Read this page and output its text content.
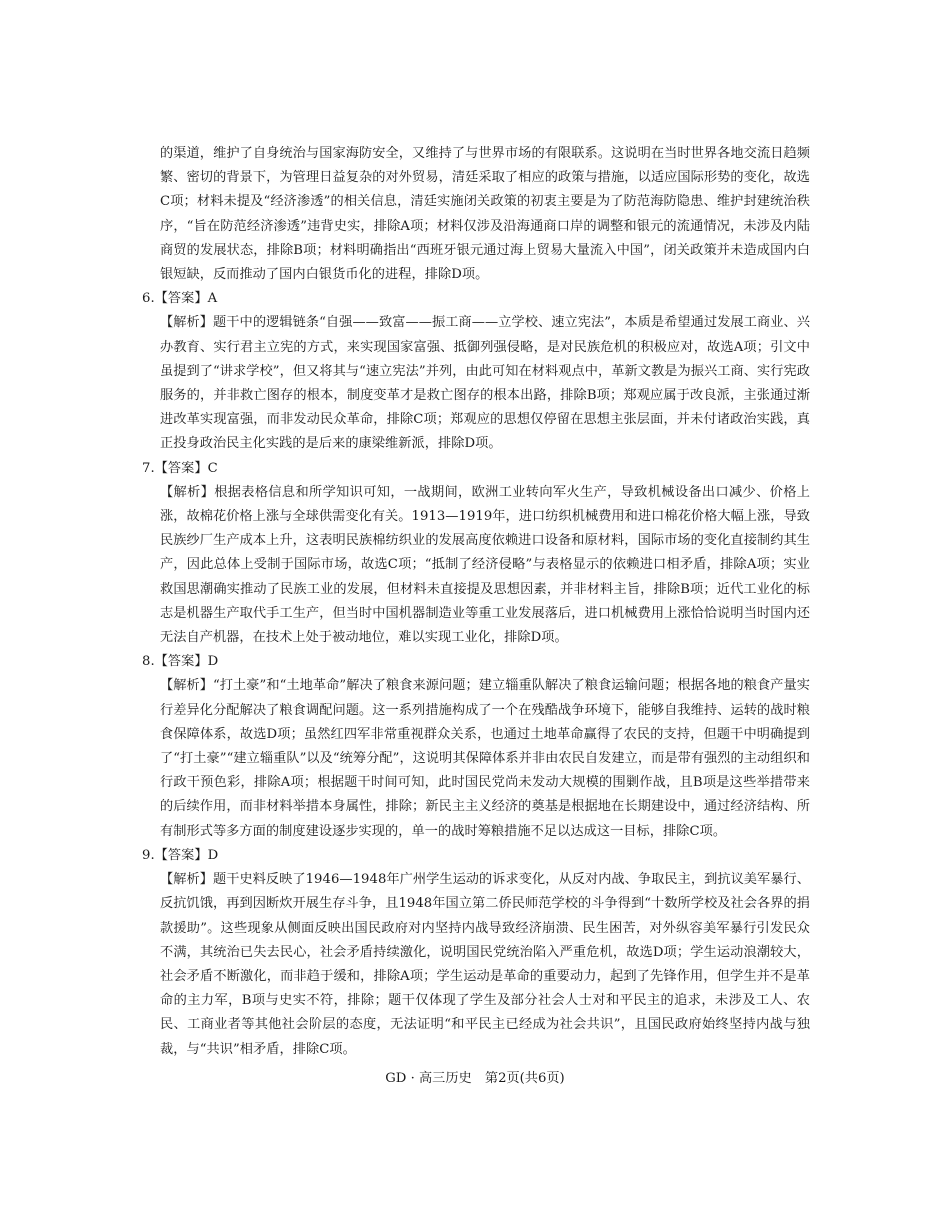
的渠道，维护了自身统治与国家海防安全，又维持了与世界市场的有限联系。这说明在当时世界各地交流日趋频繁、密切的背景下，为管理日益复杂的对外贸易，清廷采取了相应的政策与措施，以适应国际形势的变化，故选C项；材料未提及“经济渗透”的相关信息，清廷实施闭关政策的初衷主要是为了防范海防隐患、维护封建统治秩序，“旨在防范经济渗透”违背史实，排除A项；材料仅涉及沿海通商口岸的调整和银元的流通情况，未涉及内陆商贸的发展状态，排除B项；材料明确指出“西班牙银元通过海上贸易大量流入中国”，闭关政策并未造成国内白银短缺，反而推动了国内白银货币化的进程，排除D项。

6.【答案】A

【解析】题干中的逻辑链条“自强——致富——振工商——立学校、速立宪法”，本质是希望通过发展工商业、兴办教育、实行君主立宪的方式，来实现国家富强、抵御列强侵略，是对民族危机的积极应对，故选A项；引文中虽提到了“讲求学校”，但又将其与“速立宪法”并列，由此可知在材料观点中，革新文教是为振兴工商、实行宪政服务的，并非救亡图存的根本，制度变革才是救亡图存的根本出路，排除B项；郑观应属于改良派，主张通过渐进改革实现富强，而非发动民众革命，排除C项；郑观应的思想仅停留在思想主张层面，并未付诸政治实践，真正投身政治民主化实践的是后来的康梁维新派，排除D项。

7.【答案】C

【解析】根据表格信息和所学知识可知，一战期间，欧洲工业转向军火生产，导致机械设备出口减少、价格上涨，故棉花价格上涨与全球供需变化有关。1913—1919年，进口纺织机械费用和进口棉花价格大幅上涨，导致民族纱厂生产成本上升，这表明民族棉纺织业的发展高度依赖进口设备和原材料，国际市场的变化直接制约其生产，因此总体上受制于国际市场，故选C项；“抵制了经济侵略”与表格显示的依赖进口相矛盾，排除A项；实业救国思潮确实推动了民族工业的发展，但材料未直接提及思想因素，并非材料主旨，排除B项；近代工业化的标志是机器生产取代手工生产，但当时中国机器制造业等重工业发展落后，进口机械费用上涨恰恰说明当时国内还无法自产机器，在技术上处于被动地位，难以实现工业化，排除D项。

8.【答案】D

【解析】“打土豪”和“土地革命”解决了粮食来源问题；建立辎重队解决了粮食运输问题；根据各地的粮食产量实行差异化分配解决了粮食调配问题。这一系列措施构成了一个在残酷战争环境下，能够自我维持、运转的战时粮食保障体系，故选D项；虽然红四军非常重视群众关系，也通过土地革命赢得了农民的支持，但题干中明确提到了“打土豪”“建立辎重队”以及“统筹分配”，这说明其保障体系并非由农民自发建立，而是带有强烈的主动组织和行政干预色彩，排除A项；根据题干时间可知，此时国民党尚未发动大规模的围剿作战，且B项是这些举措带来的后续作用，而非材料举措本身属性，排除；新民主主义经济的奠基是根据地在长期建设中，通过经济结构、所有制形式等多方面的制度建设逐步实现的，单一的战时筹粮措施不足以达成这一目标，排除C项。

9.【答案】D

【解析】题干史料反映了1946—1948年广州学生运动的诉求变化，从反对内战、争取民主，到抗议美军暴行、反抗饥饿，再到因断炊开展生存斗争，且1948年国立第二侨民师范学校的斗争得到“十数所学校及社会各界的捐款援助”。这些现象从侧面反映出国民政府对内坚持内战导致经济崩溃、民生困苦，对外纵容美军暴行引发民众不满，其统治已失去民心，社会矛盾持续激化，说明国民党统治陷入严重危机，故选D项；学生运动浪潮较大，社会矛盾不断激化，而非趋于缓和，排除A项；学生运动是革命的重要动力，起到了先锋作用，但学生并不是革命的主力军，B项与史实不符，排除；题干仅体现了学生及部分社会人士对和平民主的追求，未涉及工人、农民、工商业者等其他社会阶层的态度，无法证明“和平民主已经成为社会共识”，且国民政府始终坚持内战与独裁，与“共识”相矛盾，排除C项。

GD · 高三历史　第2页(共6页)
